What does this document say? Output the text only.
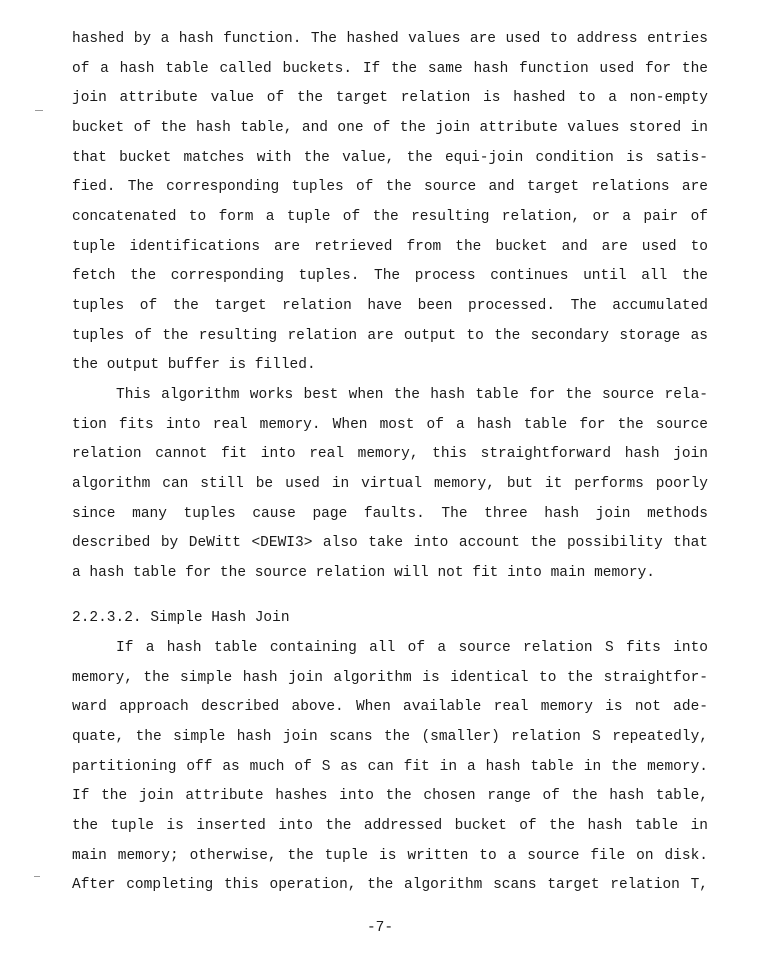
hashed by a hash function. The hashed values are used to address entries
of a hash table called buckets. If the same hash function used for the
join attribute value of the target relation is hashed to a non-empty
bucket of the hash table, and one of the join attribute values stored in
that bucket matches with the value, the equi-join condition is satis-
fied. The corresponding tuples of the source and target relations are
concatenated to form a tuple of the resulting relation, or a pair of
tuple identifications are retrieved from the bucket and are used to
fetch the corresponding tuples. The process continues until all the
tuples of the target relation have been processed. The accumulated
tuples of the resulting relation are output to the secondary storage as
the output buffer is filled.
This algorithm works best when the hash table for the source rela-
tion fits into real memory. When most of a hash table for the source
relation cannot fit into real memory, this straightforward hash join
algorithm can still be used in virtual memory, but it performs poorly
since many tuples cause page faults. The three hash join methods
described by DeWitt <DEWI3> also take into account the possibility that
a hash table for the source relation will not fit into main memory.
2.2.3.2. Simple Hash Join
If a hash table containing all of a source relation S fits into
memory, the simple hash join algorithm is identical to the straightfor-
ward approach described above. When available real memory is not ade-
quate, the simple hash join scans the (smaller) relation S repeatedly,
partitioning off as much of S as can fit in a hash table in the memory.
If the join attribute hashes into the chosen range of the hash table,
the tuple is inserted into the addressed bucket of the hash table in
main memory; otherwise, the tuple is written to a source file on disk.
After completing this operation, the algorithm scans target relation T,
-7-
